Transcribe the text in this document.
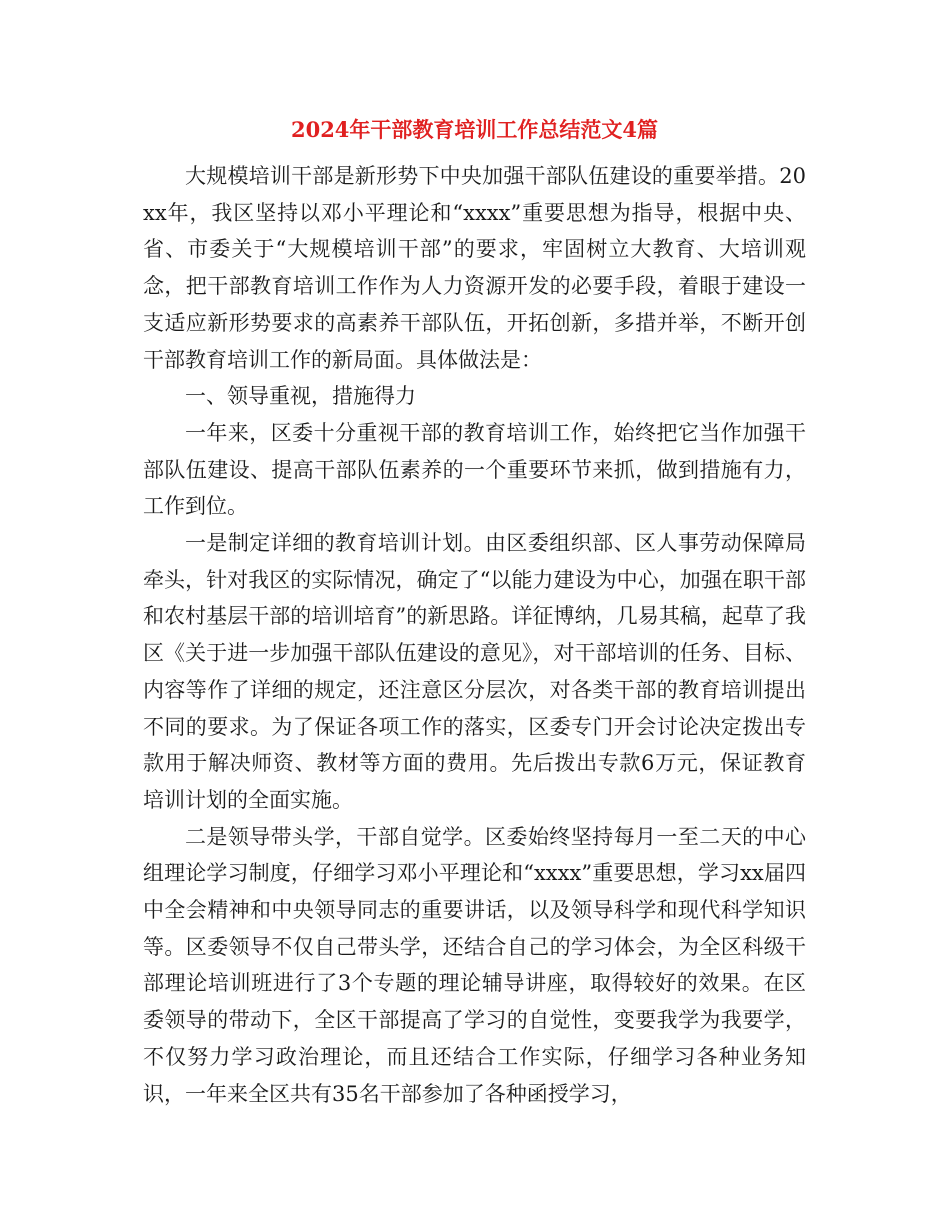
2024年干部教育培训工作总结范文4篇

大规模培训干部是新形势下中央加强干部队伍建设的重要举措。20xx年，我区坚持以邓小平理论和“xxxx”重要思想为指导，根据中央、省、市委关于“大规模培训干部”的要求，牢固树立大教育、大培训观念，把干部教育培训工作作为人力资源开发的必要手段，着眼于建设一支适应新形势要求的高素养干部队伍，开拓创新，多措并举，不断开创干部教育培训工作的新局面。具体做法是：

一、领导重视，措施得力

一年来，区委十分重视干部的教育培训工作，始终把它当作加强干部队伍建设、提高干部队伍素养的一个重要环节来抓，做到措施有力，工作到位。

一是制定详细的教育培训计划。由区委组织部、区人事劳动保障局牵头，针对我区的实际情况，确定了“以能力建设为中心，加强在职干部和农村基层干部的培训培育”的新思路。详征博纳，几易其稿，起草了我区《关于进一步加强干部队伍建设的意见》，对干部培训的任务、目标、内容等作了详细的规定，还注意区分层次，对各类干部的教育培训提出不同的要求。为了保证各项工作的落实，区委专门开会讨论决定拨出专款用于解决师资、教材等方面的费用。先后拨出专款6万元，保证教育培训计划的全面实施。

二是领导带头学，干部自觉学。区委始终坚持每月一至二天的中心组理论学习制度，仔细学习邓小平理论和“xxxx”重要思想，学习xx届四中全会精神和中央领导同志的重要讲话，以及领导科学和现代科学知识等。区委领导不仅自己带头学，还结合自己的学习体会，为全区科级干部理论培训班进行了3个专题的理论辅导讲座，取得较好的效果。在区委领导的带动下，全区干部提高了学习的自觉性，变要我学为我要学，不仅努力学习政治理论，而且还结合工作实际，仔细学习各种业务知识，一年来全区共有35名干部参加了各种函授学习，
